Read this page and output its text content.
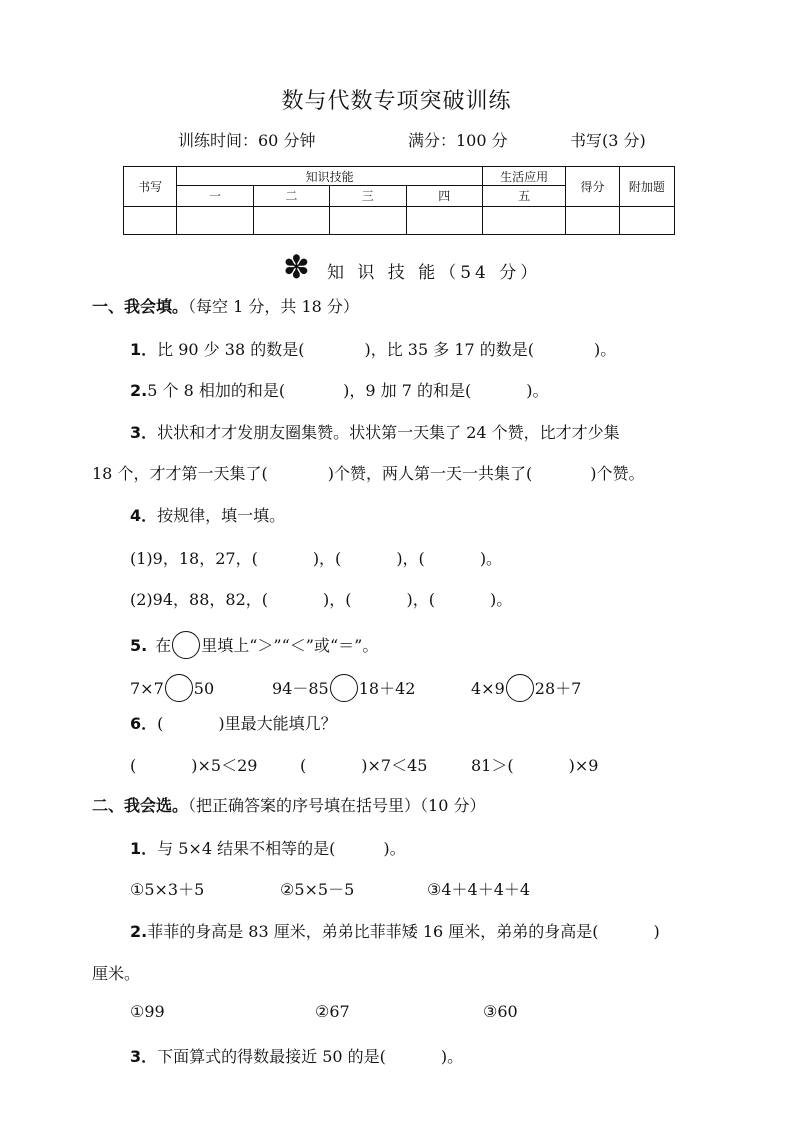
数与代数专项突破训练
训练时间：60 分钟	满分：100 分	书写(3 分)
书写	知识技能				生活应用	得分	附加题
	一	二	三	四	五		

✽ 知 识 技 能（54 分）
一、我会填。（每空 1 分，共 18 分）
1．比 90 少 38 的数是(	)，比 35 多 17 的数是(	)。
2.5 个 8 相加的和是(	)，9 加 7 的和是(	)。
3．状状和才才发朋友圈集赞。状状第一天集了 24 个赞，比才才少集
18 个，才才第一天集了(	)个赞，两人第一天一共集了(	)个赞。
4．按规律，填一填。
(1)9，18，27，(	)，(	)，(	)。
(2)94，88，82，(	)，(	)，(	)。
5. 在 里填上“＞”“＜”或“＝”。
7×7 50	94－85 18＋42	4×9 28＋7
6．(	)里最大能填几？
(	)×5＜29	(	)×7＜45	81＞(	)×9
二、我会选。（把正确答案的序号填在括号里）（10 分）
1．与 5×4 结果不相等的是(	)。
①5×3＋5	②5×5－5	③4＋4＋4＋4
2.菲菲的身高是 83 厘米，弟弟比菲菲矮 16 厘米，弟弟的身高是(	)
厘米。
①99	②67	③60
3．下面算式的得数最接近 50 的是(	)。
